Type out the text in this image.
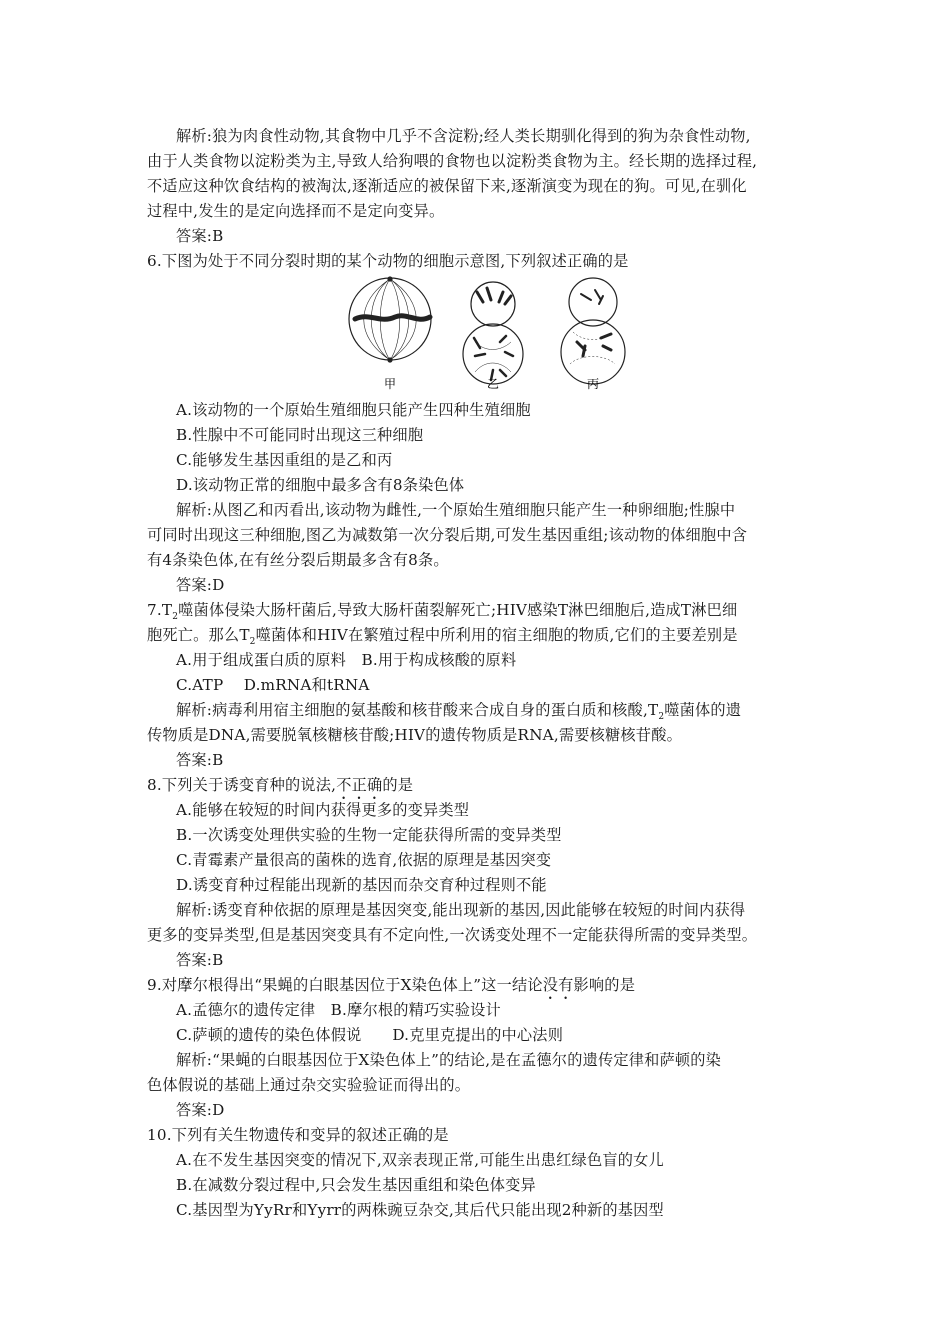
解析:狼为肉食性动物,其食物中几乎不含淀粉;经人类长期驯化得到的狗为杂食性动物,
由于人类食物以淀粉类为主,导致人给狗喂的食物也以淀粉类食物为主。经长期的选择过程,
不适应这种饮食结构的被淘汰,逐渐适应的被保留下来,逐渐演变为现在的狗。可见,在驯化
过程中,发生的是定向选择而不是定向变异。
答案:B
6.下图为处于不同分裂时期的某个动物的细胞示意图,下列叙述正确的是
甲	乙	丙
A.该动物的一个原始生殖细胞只能产生四种生殖细胞
B.性腺中不可能同时出现这三种细胞
C.能够发生基因重组的是乙和丙
D.该动物正常的细胞中最多含有8条染色体
解析:从图乙和丙看出,该动物为雌性,一个原始生殖细胞只能产生一种卵细胞;性腺中
可同时出现这三种细胞,图乙为减数第一次分裂后期,可发生基因重组;该动物的体细胞中含
有4条染色体,在有丝分裂后期最多含有8条。
答案:D
$7.T_2$噬菌体侵染大肠杆菌后,导致大肠杆菌裂解死亡;HIV感染T淋巴细胞后,造成T淋巴细
胞死亡。那么$T_2$噬菌体和HIV在繁殖过程中所利用的宿主细胞的物质,它们的主要差别是
A.用于组成蛋白质的原料　B.用于构成核酸的原料
C.ATP　 D.mRNA和tRNA
解析:病毒利用宿主细胞的氨基酸和核苷酸来合成自身的蛋白质和核酸$,T_2$噬菌体的遗
传物质是DNA,需要脱氧核糖核苷酸;HIV的遗传物质是RNA,需要核糖核苷酸。
答案:B
8.下列关于诱变育种的说法,不正确的是
A.能够在较短的时间内获得更多的变异类型
B.一次诱变处理供实验的生物一定能获得所需的变异类型
C.青霉素产量很高的菌株的选育,依据的原理是基因突变
D.诱变育种过程能出现新的基因而杂交育种过程则不能
解析:诱变育种依据的原理是基因突变,能出现新的基因,因此能够在较短的时间内获得
更多的变异类型,但是基因突变具有不定向性,一次诱变处理不一定能获得所需的变异类型。
答案:B
9.对摩尔根得出“果蝇的白眼基因位于X染色体上”这一结论没有影响的是
A.孟德尔的遗传定律　B.摩尔根的精巧实验设计
C.萨顿的遗传的染色体假说　　D.克里克提出的中心法则
解析:“果蝇的白眼基因位于X染色体上”的结论,是在孟德尔的遗传定律和萨顿的染
色体假说的基础上通过杂交实验验证而得出的。
答案:D
10.下列有关生物遗传和变异的叙述正确的是
A.在不发生基因突变的情况下,双亲表现正常,可能生出患红绿色盲的女儿
B.在减数分裂过程中,只会发生基因重组和染色体变异
C.基因型为YyRr和Yyrr的两株豌豆杂交,其后代只能出现2种新的基因型
